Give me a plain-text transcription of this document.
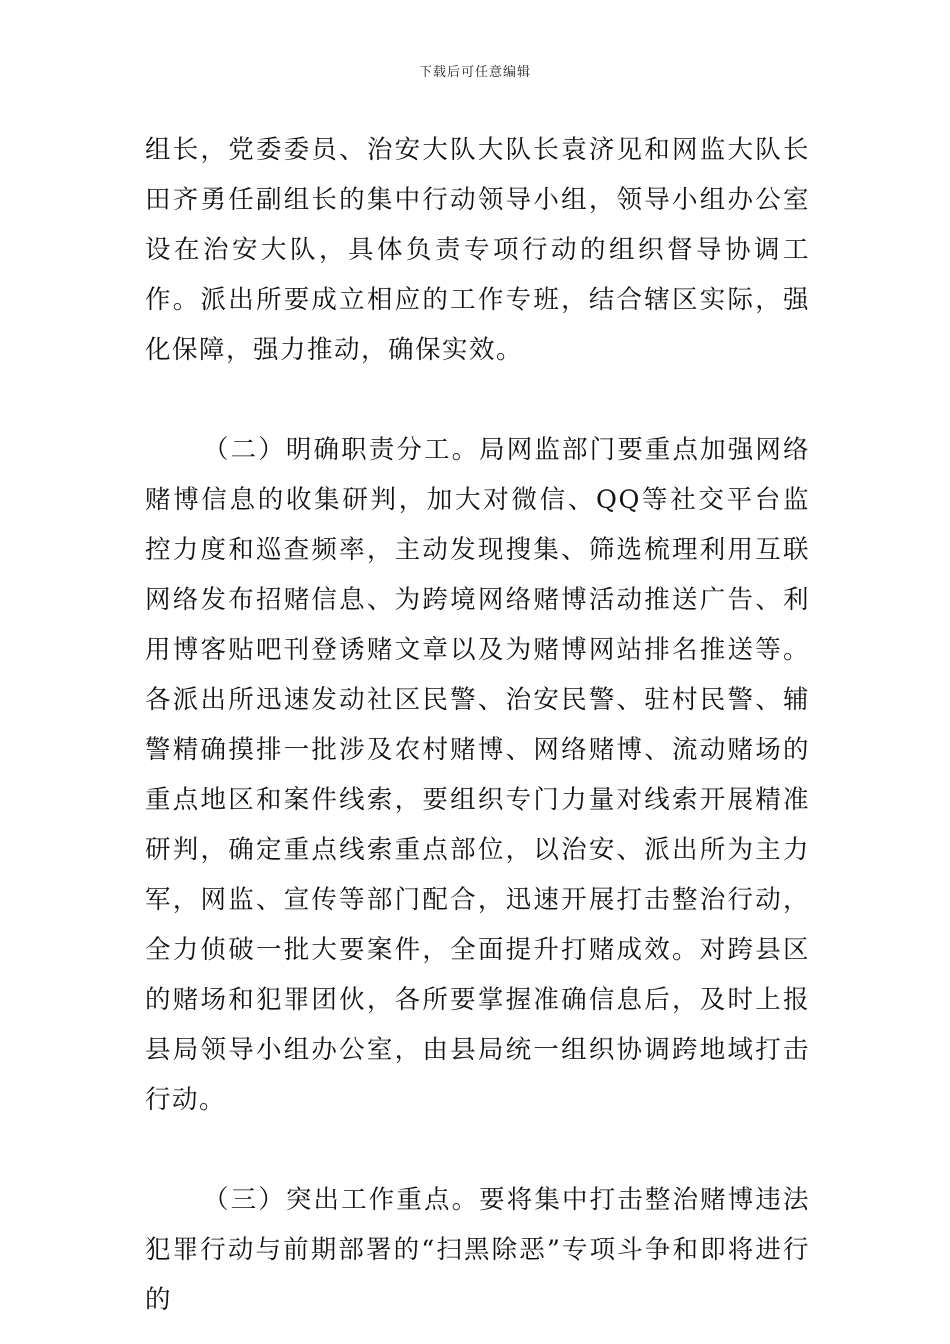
下载后可任意编辑

组长，党委委员、治安大队大队长袁济见和网监大队长田齐勇任副组长的集中行动领导小组，领导小组办公室设在治安大队，具体负责专项行动的组织督导协调工作。派出所要成立相应的工作专班，结合辖区实际，强化保障，强力推动，确保实效。

（二）明确职责分工。局网监部门要重点加强网络赌博信息的收集研判，加大对微信、QQ等社交平台监控力度和巡查频率，主动发现搜集、筛选梳理利用互联网络发布招赌信息、为跨境网络赌博活动推送广告、利用博客贴吧刊登诱赌文章以及为赌博网站排名推送等。各派出所迅速发动社区民警、治安民警、驻村民警、辅警精确摸排一批涉及农村赌博、网络赌博、流动赌场的重点地区和案件线索，要组织专门力量对线索开展精准研判，确定重点线索重点部位，以治安、派出所为主力军，网监、宣传等部门配合，迅速开展打击整治行动，全力侦破一批大要案件，全面提升打赌成效。对跨县区的赌场和犯罪团伙，各所要掌握准确信息后，及时上报县局领导小组办公室，由县局统一组织协调跨地域打击行动。

（三）突出工作重点。要将集中打击整治赌博违法犯罪行动与前期部署的“扫黑除恶”专项斗争和即将进行的
